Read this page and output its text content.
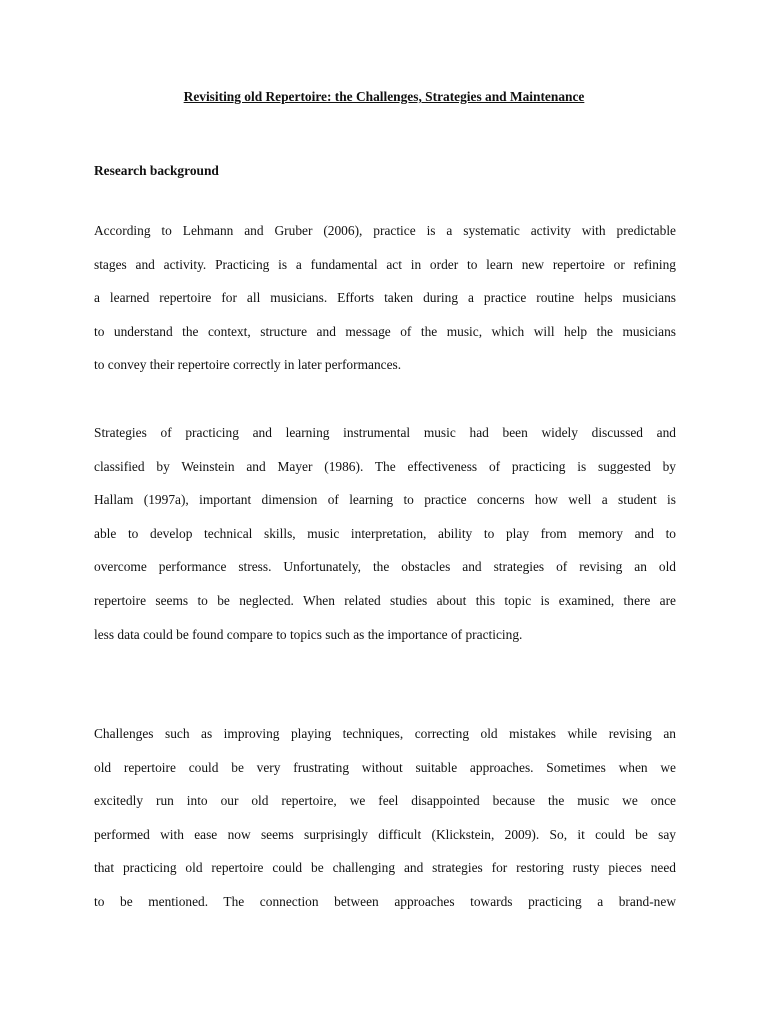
Revisiting old Repertoire: the Challenges, Strategies and Maintenance
Research background
According to Lehmann and Gruber (2006), practice is a systematic activity with predictable
stages and activity. Practicing is a fundamental act in order to learn new repertoire or refining
a learned repertoire for all musicians. Efforts taken during a practice routine helps musicians
to understand the context, structure and message of the music, which will help the musicians
to convey their repertoire correctly in later performances.
Strategies of practicing and learning instrumental music had been widely discussed and
classified by Weinstein and Mayer (1986). The effectiveness of practicing is suggested by
Hallam (1997a), important dimension of learning to practice concerns how well a student is
able to develop technical skills, music interpretation, ability to play from memory and to
overcome performance stress. Unfortunately, the obstacles and strategies of revising an old
repertoire seems to be neglected. When related studies about this topic is examined, there are
less data could be found compare to topics such as the importance of practicing.
Challenges such as improving playing techniques, correcting old mistakes while revising an
old repertoire could be very frustrating without suitable approaches. Sometimes when we
excitedly run into our old repertoire, we feel disappointed because the music we once
performed with ease now seems surprisingly difficult (Klickstein, 2009). So, it could be say
that practicing old repertoire could be challenging and strategies for restoring rusty pieces need
to be mentioned. The connection between approaches towards practicing a brand-new
